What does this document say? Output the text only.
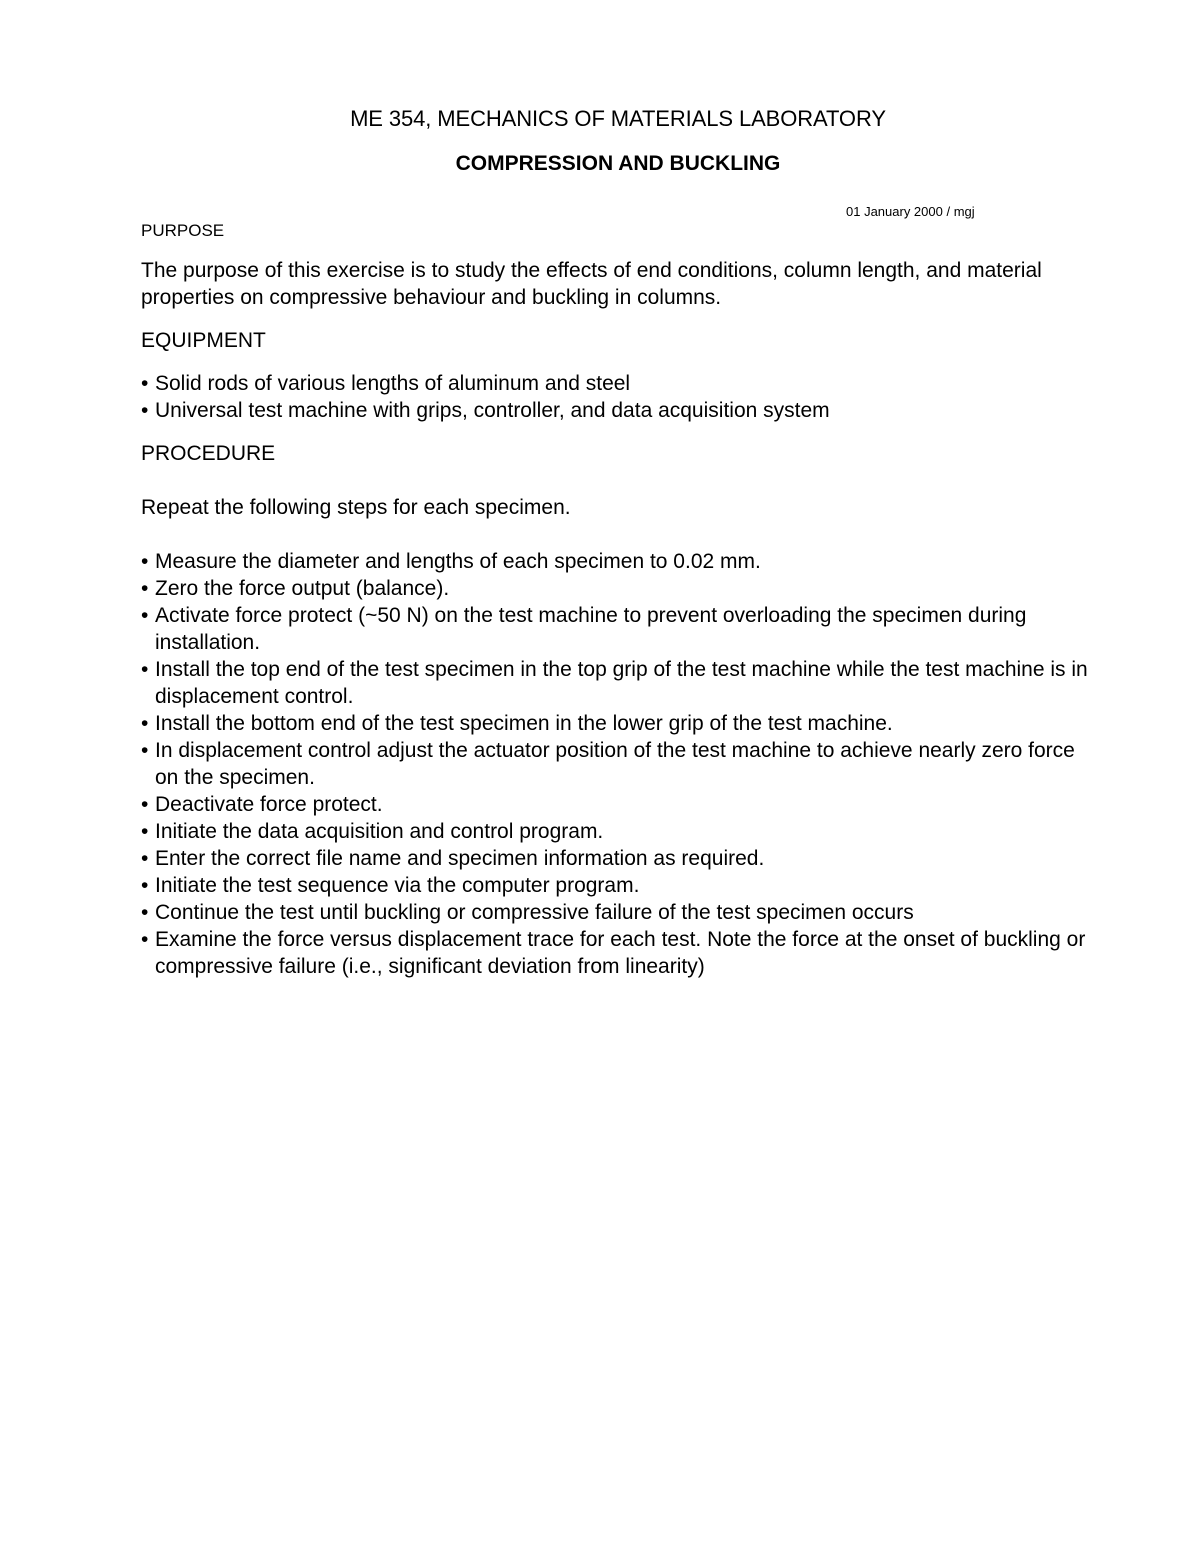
ME 354, MECHANICS OF MATERIALS LABORATORY
COMPRESSION AND BUCKLING
01 January 2000 / mgj
PURPOSE
The purpose of this exercise is to study the effects of end conditions, column length, and material properties on compressive behaviour and buckling in columns.
EQUIPMENT
• Solid rods of various lengths of aluminum and steel
• Universal test machine with grips, controller, and data acquisition system
PROCEDURE
Repeat the following steps for each specimen.
• Measure the diameter and lengths of each specimen to 0.02 mm.
• Zero the force output (balance).
• Activate force protect (~50 N) on the test machine to prevent overloading the specimen during installation.
• Install the top end of the test specimen in the top grip of the test machine while the test machine is in displacement control.
• Install the bottom end of the test specimen in the lower grip of the test machine.
• In displacement control adjust the actuator position of the test machine to achieve nearly zero force on the specimen.
• Deactivate force protect.
• Initiate the data acquisition and control program.
• Enter the correct file name and specimen information as required.
• Initiate the test sequence via the computer program.
• Continue the test until buckling or compressive failure of the test specimen occurs
• Examine the force versus displacement trace for each test. Note the force at the onset of buckling or compressive failure (i.e., significant deviation from linearity)
